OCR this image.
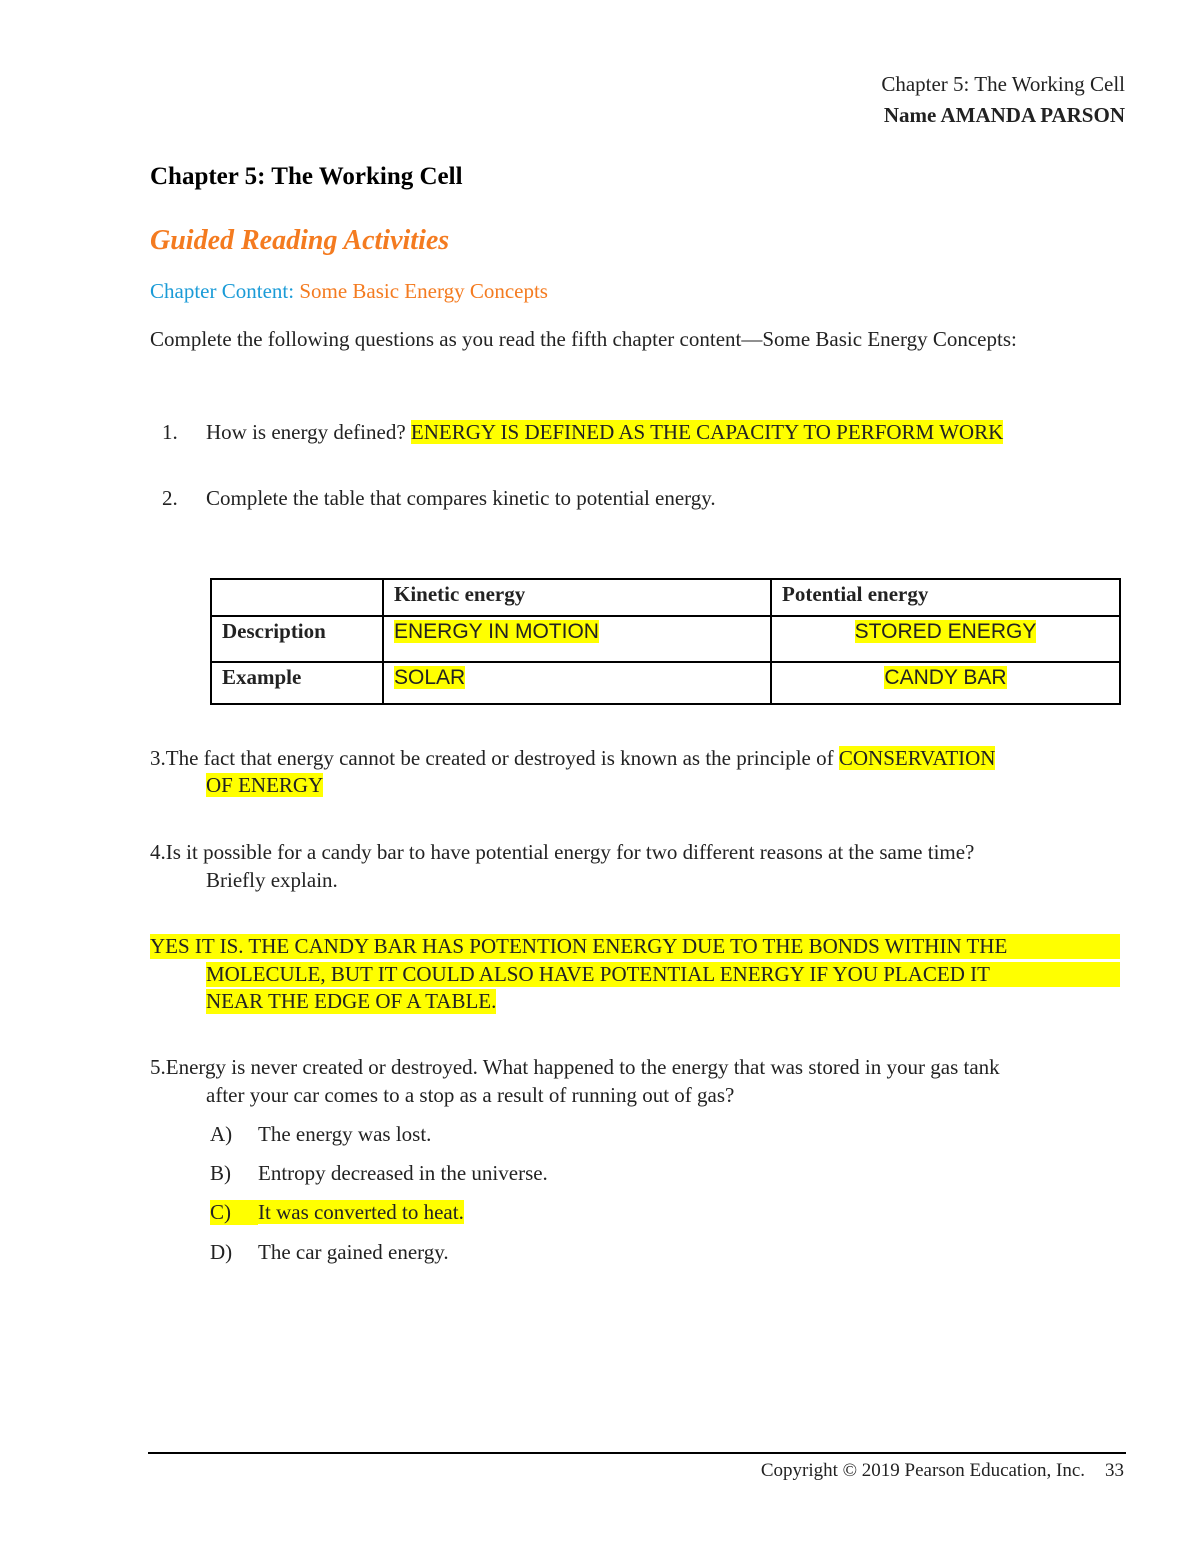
Chapter 5: The Working Cell
Name AMANDA PARSON
Chapter 5: The Working Cell
Guided Reading Activities
Chapter Content: Some Basic Energy Concepts
Complete the following questions as you read the fifth chapter content—Some Basic Energy Concepts:
1. How is energy defined? ENERGY IS DEFINED AS THE CAPACITY TO PERFORM WORK
2. Complete the table that compares kinetic to potential energy.
	Kinetic energy	Potential energy
Description	ENERGY IN MOTION	STORED ENERGY
Example	SOLAR	CANDY BAR
3.The fact that energy cannot be created or destroyed is known as the principle of CONSERVATION
OF ENERGY
4.Is it possible for a candy bar to have potential energy for two different reasons at the same time?
Briefly explain.
YES IT IS. THE CANDY BAR HAS POTENTION ENERGY DUE TO THE BONDS WITHIN THE
MOLECULE, BUT IT COULD ALSO HAVE POTENTIAL ENERGY IF YOU PLACED IT
NEAR THE EDGE OF A TABLE.
5.Energy is never created or destroyed. What happened to the energy that was stored in your gas tank
after your car comes to a stop as a result of running out of gas?
A) The energy was lost.
B) Entropy decreased in the universe.
C) It was converted to heat.
D) The car gained energy.
Copyright © 2019 Pearson Education, Inc. 33
